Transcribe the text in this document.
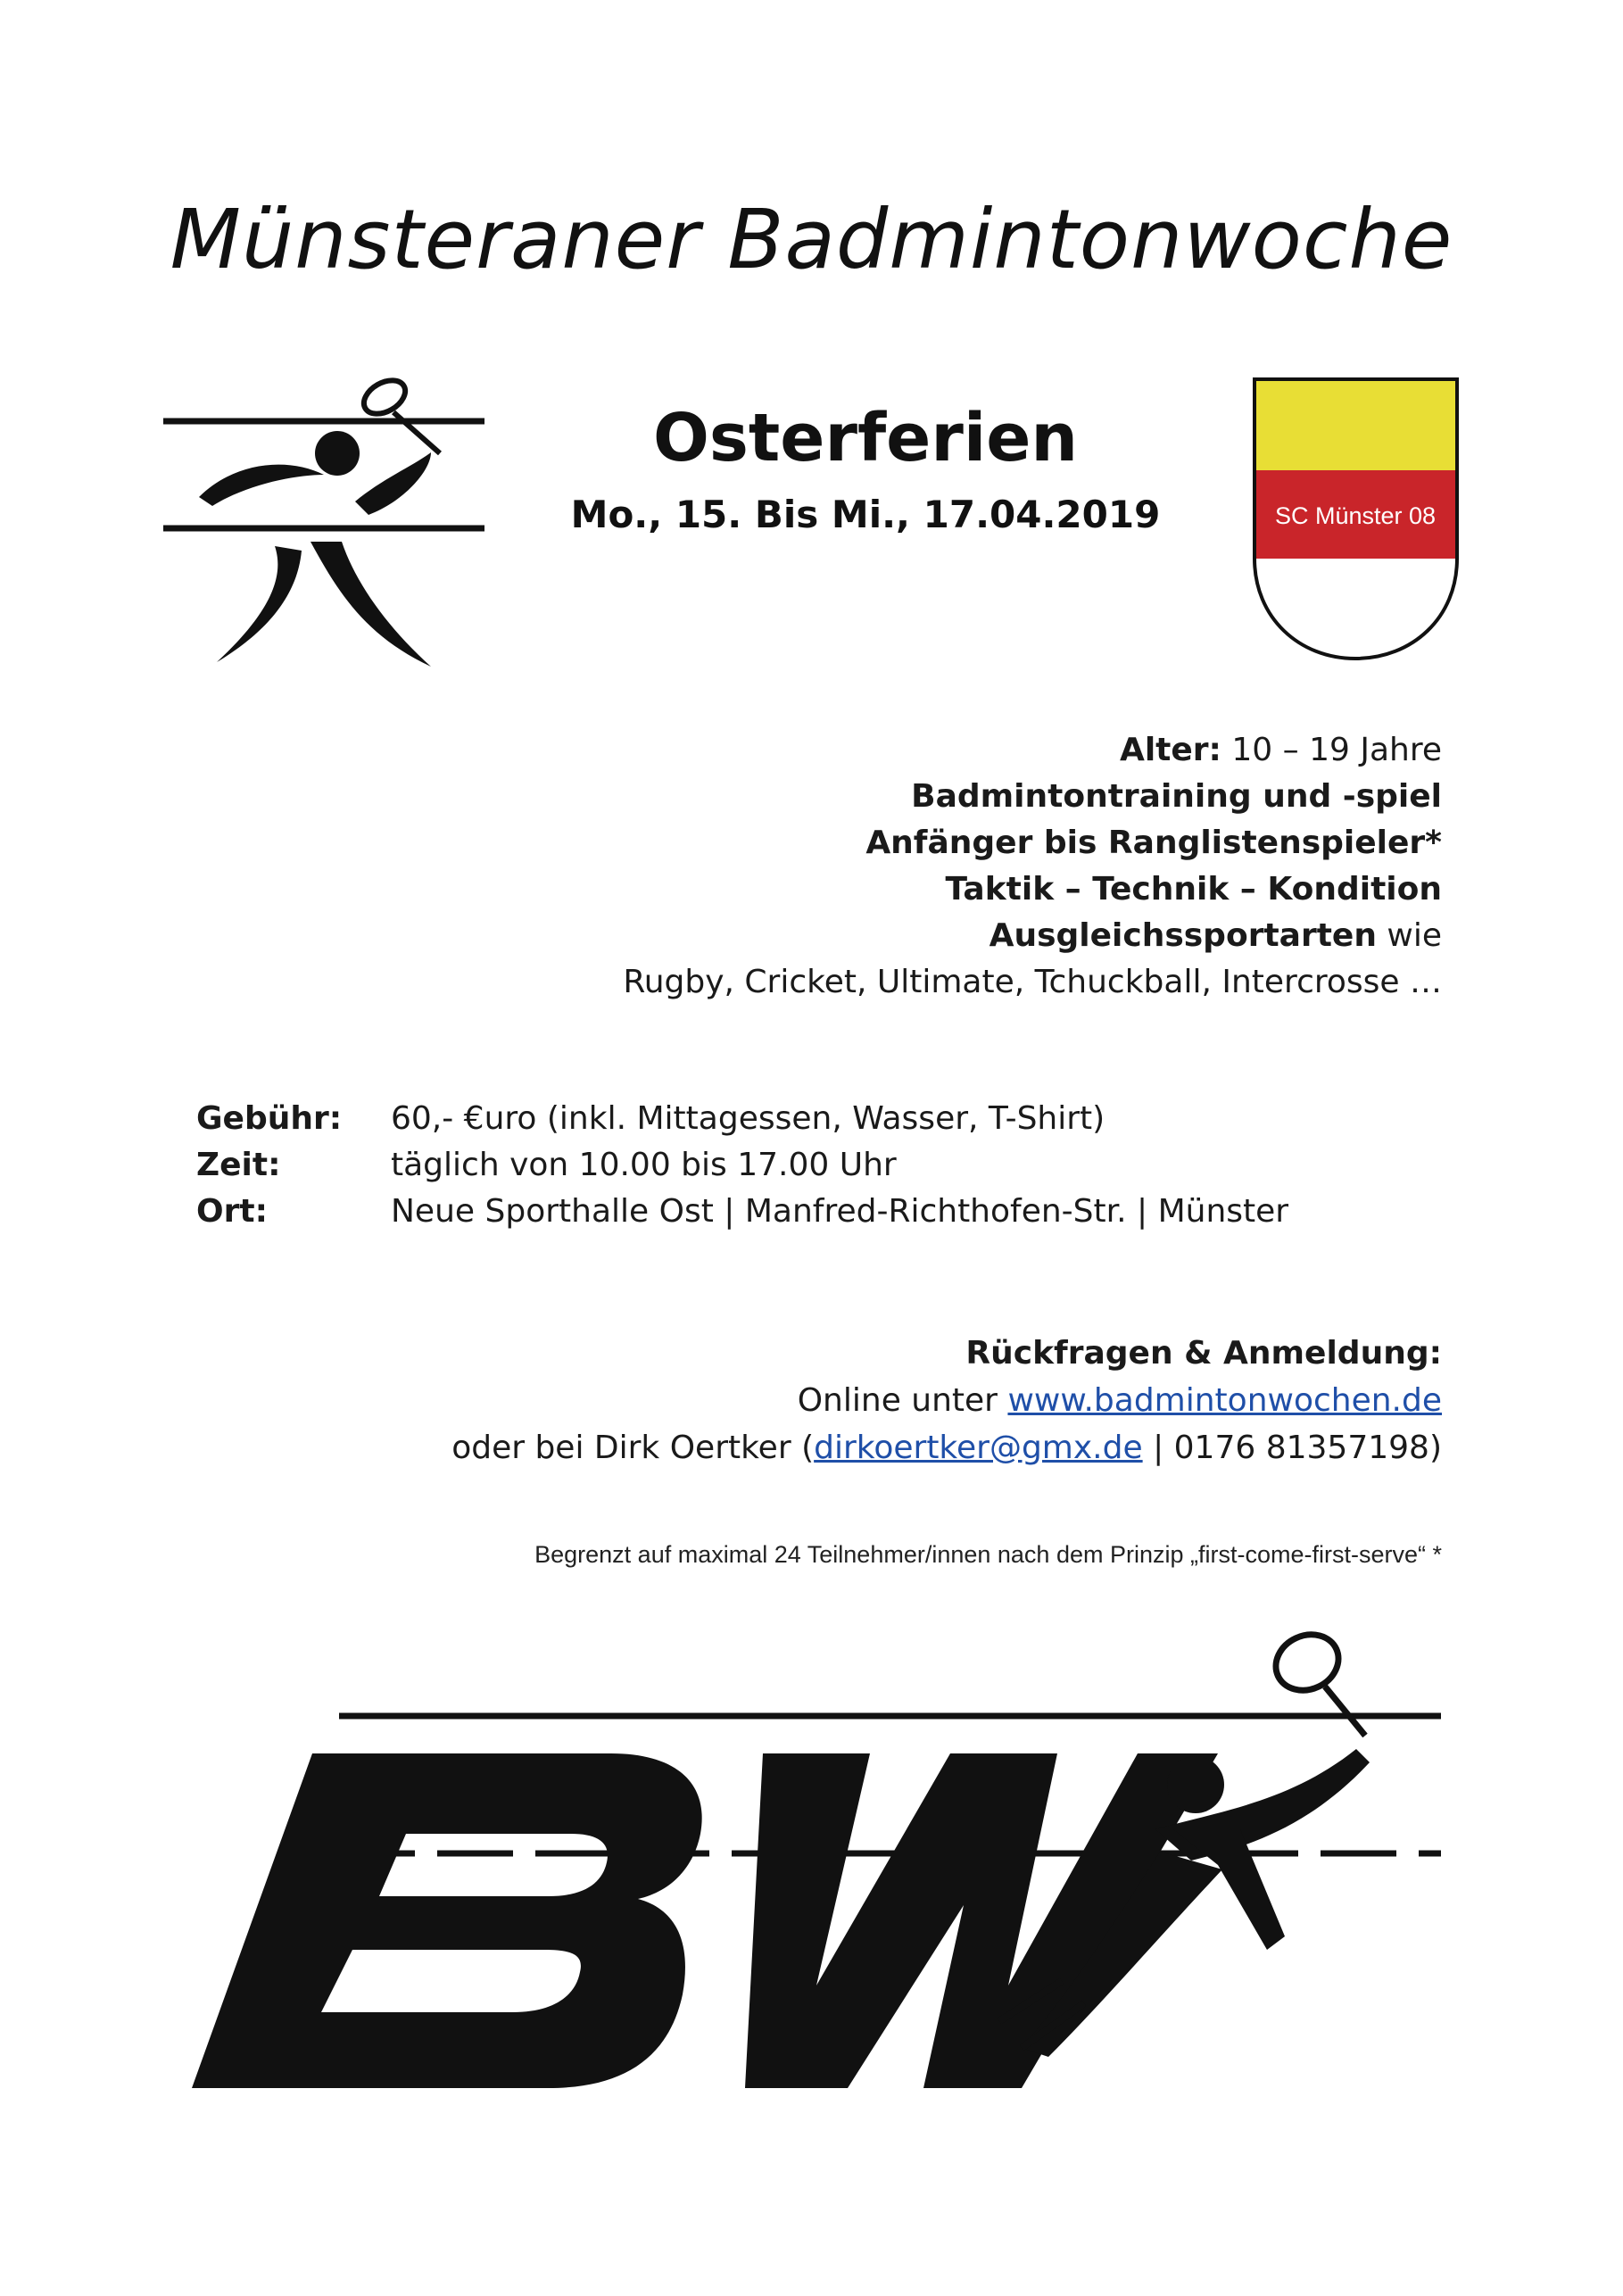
Münsteraner Badmintonwoche
Osterferien
Mo., 15. Bis Mi., 17.04.2019	SC Münster 08
Alter: 10 – 19 Jahre
Badmintontraining und -spiel
Anfänger bis Ranglistenspieler*
Taktik – Technik – Kondition
Ausgleichssportarten wie
Rugby, Cricket, Ultimate, Tchuckball, Intercrosse …
Gebühr:	60,- €uro (inkl. Mittagessen, Wasser, T-Shirt)
Zeit:	täglich von 10.00 bis 17.00 Uhr
Ort:	Neue Sporthalle Ost | Manfred-Richthofen-Str. | Münster
Rückfragen & Anmeldung:
Online unter www.badmintonwochen.de
oder bei Dirk Oertker (dirkoertker@gmx.de | 0176 81357198)
Begrenzt auf maximal 24 Teilnehmer/innen nach dem Prinzip „first-come-first-serve“ *
